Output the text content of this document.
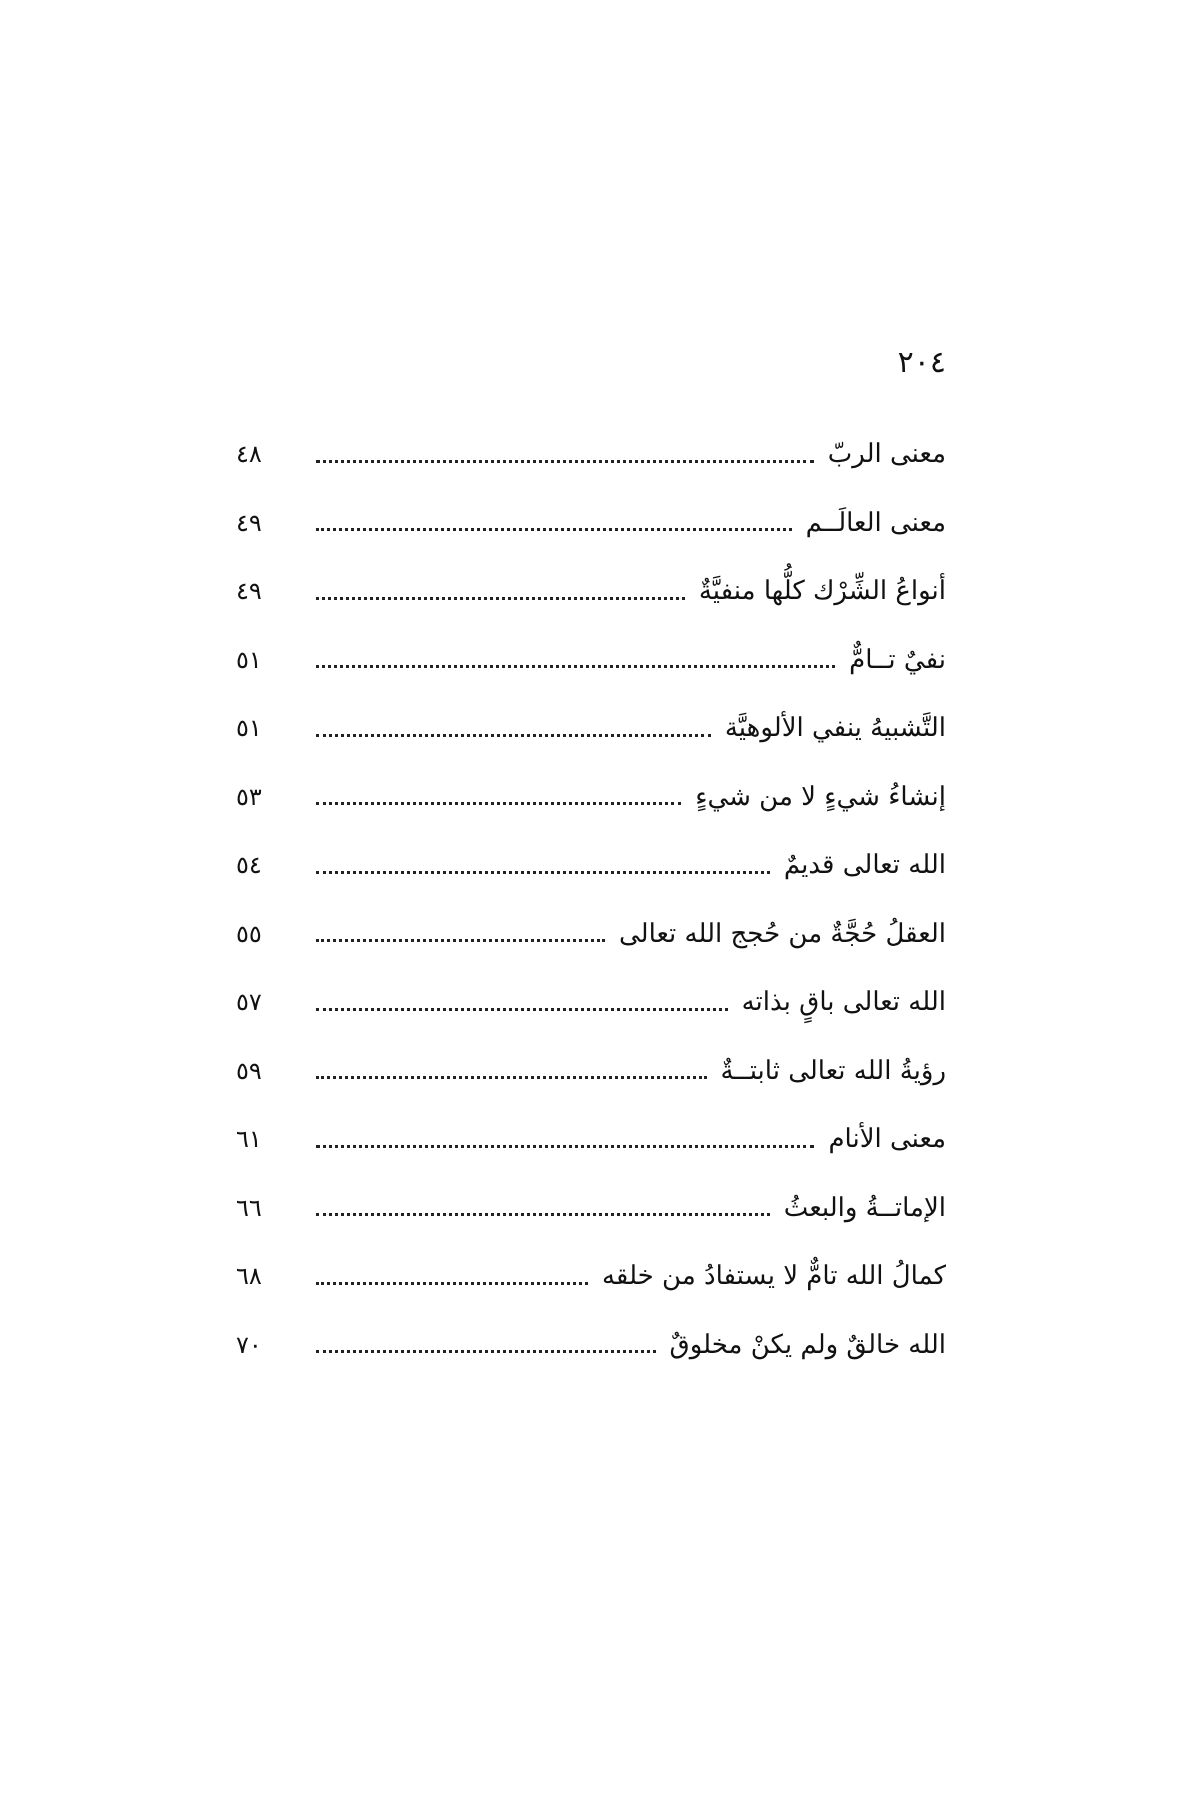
٢٠٤
معنى الربّ
٤٨
معنى العالَــم
٤٩
أنواعُ الشِّرْك كلُّها منفيَّةٌ
٤٩
نفيٌ تــامٌّ
٥١
التَّشبيهُ ينفي الألوهيَّة
٥١
إنشاءُ شيءٍ لا من شيءٍ
٥٣
الله تعالى قديمٌ
٥٤
العقلُ حُجَّةٌ من حُجج الله تعالى
٥٥
الله تعالى باقٍ بذاته
٥٧
رؤيةُ الله تعالى ثابتــةٌ
٥٩
معنى الأنام
٦١
الإماتــةُ والبعثُ
٦٦
كمالُ الله تامٌّ لا يستفادُ من خلقه
٦٨
الله خالقٌ ولم يكنْ مخلوقٌ
٧٠
